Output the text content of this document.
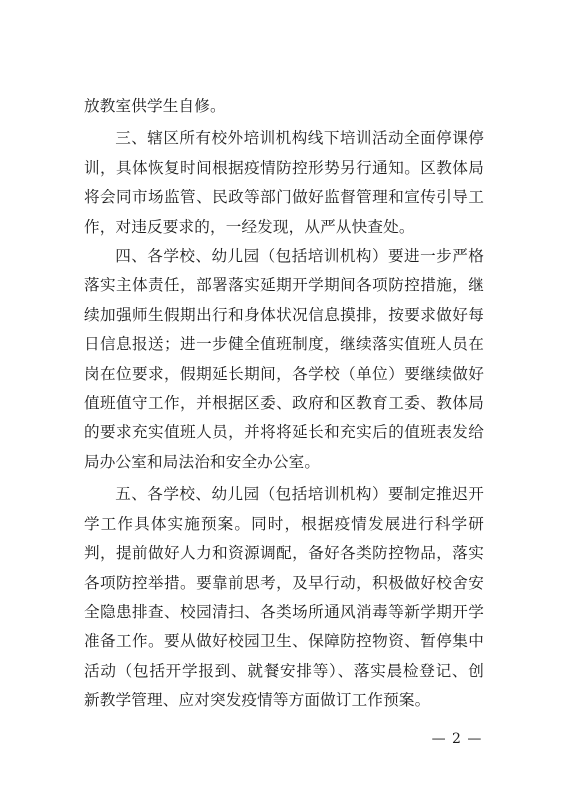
放教室供学生自修。

三、辖区所有校外培训机构线下培训活动全面停课停训，具体恢复时间根据疫情防控形势另行通知。区教体局将会同市场监管、民政等部门做好监督管理和宣传引导工作，对违反要求的，一经发现，从严从快查处。

四、各学校、幼儿园（包括培训机构）要进一步严格落实主体责任，部署落实延期开学期间各项防控措施，继续加强师生假期出行和身体状况信息摸排，按要求做好每日信息报送；进一步健全值班制度，继续落实值班人员在岗在位要求，假期延长期间，各学校（单位）要继续做好值班值守工作，并根据区委、政府和区教育工委、教体局的要求充实值班人员，并将将延长和充实后的值班表发给局办公室和局法治和安全办公室。

五、各学校、幼儿园（包括培训机构）要制定推迟开学工作具体实施预案。同时，根据疫情发展进行科学研判，提前做好人力和资源调配，备好各类防控物品，落实各项防控举措。要靠前思考，及早行动，积极做好校舍安全隐患排查、校园清扫、各类场所通风消毒等新学期开学准备工作。要从做好校园卫生、保障防控物资、暂停集中活动（包括开学报到、就餐安排等）、落实晨检登记、创新教学管理、应对突发疫情等方面做订工作预案。

— 2 —
